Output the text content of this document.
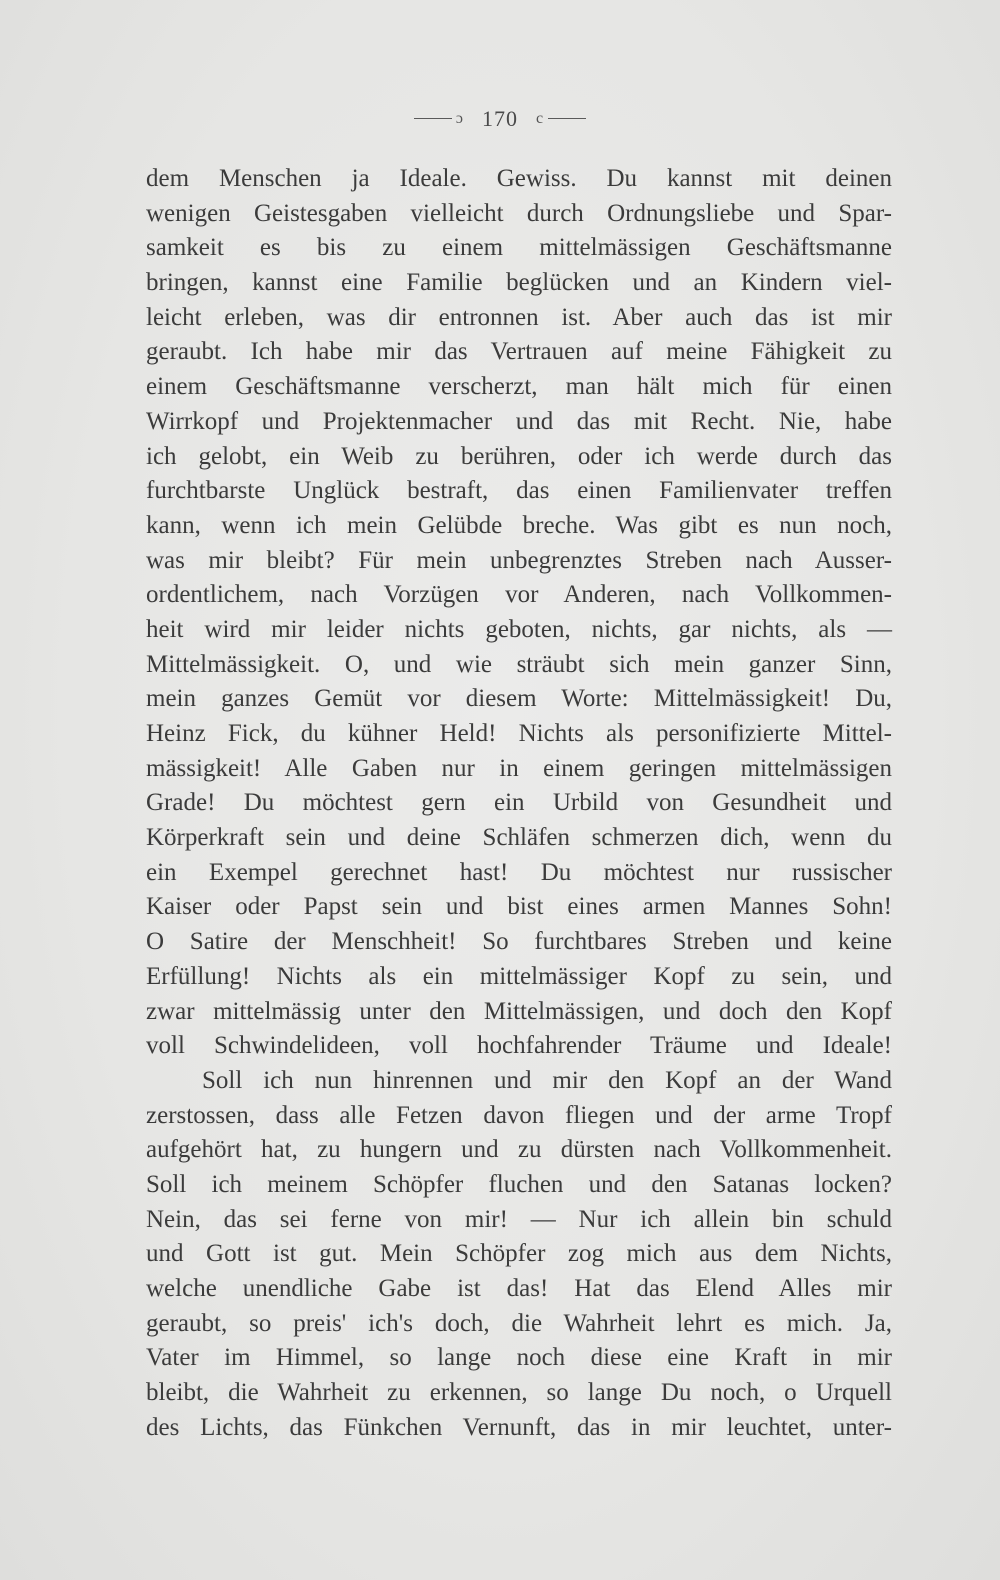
ɔ 170 c
dem Menschen ja Ideale. Gewiss. Du kannst mit deinen
wenigen Geistesgaben vielleicht durch Ordnungsliebe und Spar-
samkeit es bis zu einem mittelmässigen Geschäftsmanne
bringen, kannst eine Familie beglücken und an Kindern viel-
leicht erleben, was dir entronnen ist. Aber auch das ist mir
geraubt. Ich habe mir das Vertrauen auf meine Fähigkeit zu
einem Geschäftsmanne verscherzt, man hält mich für einen
Wirrkopf und Projektenmacher und das mit Recht. Nie, habe
ich gelobt, ein Weib zu berühren, oder ich werde durch das
furchtbarste Unglück bestraft, das einen Familienvater treffen
kann, wenn ich mein Gelübde breche. Was gibt es nun noch,
was mir bleibt? Für mein unbegrenztes Streben nach Ausser-
ordentlichem, nach Vorzügen vor Anderen, nach Vollkommen-
heit wird mir leider nichts geboten, nichts, gar nichts, als —
Mittelmässigkeit. O, und wie sträubt sich mein ganzer Sinn,
mein ganzes Gemüt vor diesem Worte: Mittelmässigkeit! Du,
Heinz Fick, du kühner Held! Nichts als personifizierte Mittel-
mässigkeit! Alle Gaben nur in einem geringen mittelmässigen
Grade! Du möchtest gern ein Urbild von Gesundheit und
Körperkraft sein und deine Schläfen schmerzen dich, wenn du
ein Exempel gerechnet hast! Du möchtest nur russischer
Kaiser oder Papst sein und bist eines armen Mannes Sohn!
O Satire der Menschheit! So furchtbares Streben und keine
Erfüllung! Nichts als ein mittelmässiger Kopf zu sein, und
zwar mittelmässig unter den Mittelmässigen, und doch den Kopf
voll Schwindelideen, voll hochfahrender Träume und Ideale!
Soll ich nun hinrennen und mir den Kopf an der Wand
zerstossen, dass alle Fetzen davon fliegen und der arme Tropf
aufgehört hat, zu hungern und zu dürsten nach Vollkommenheit.
Soll ich meinem Schöpfer fluchen und den Satanas locken?
Nein, das sei ferne von mir! — Nur ich allein bin schuld
und Gott ist gut. Mein Schöpfer zog mich aus dem Nichts,
welche unendliche Gabe ist das! Hat das Elend Alles mir
geraubt, so preis' ich's doch, die Wahrheit lehrt es mich. Ja,
Vater im Himmel, so lange noch diese eine Kraft in mir
bleibt, die Wahrheit zu erkennen, so lange Du noch, o Urquell
des Lichts, das Fünkchen Vernunft, das in mir leuchtet, unter-
